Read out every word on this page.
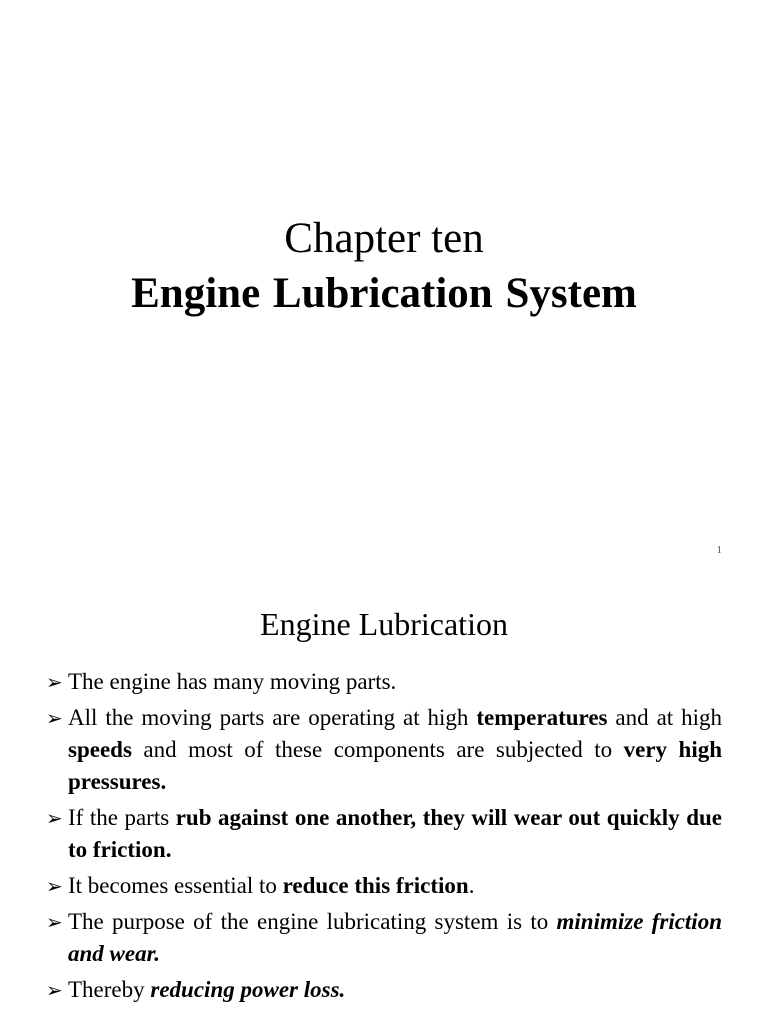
Chapter ten
Engine Lubrication System
1
Engine Lubrication
➢ The engine has many moving parts.
➢ All the moving parts are operating at high temperatures and at high speeds and most of these components are subjected to very high pressures.
➢ If the parts rub against one another, they will wear out quickly due to friction.
➢ It becomes essential to reduce this friction.
➢ The purpose of the engine lubricating system is to minimize friction and wear.
➢ Thereby reducing power loss.
